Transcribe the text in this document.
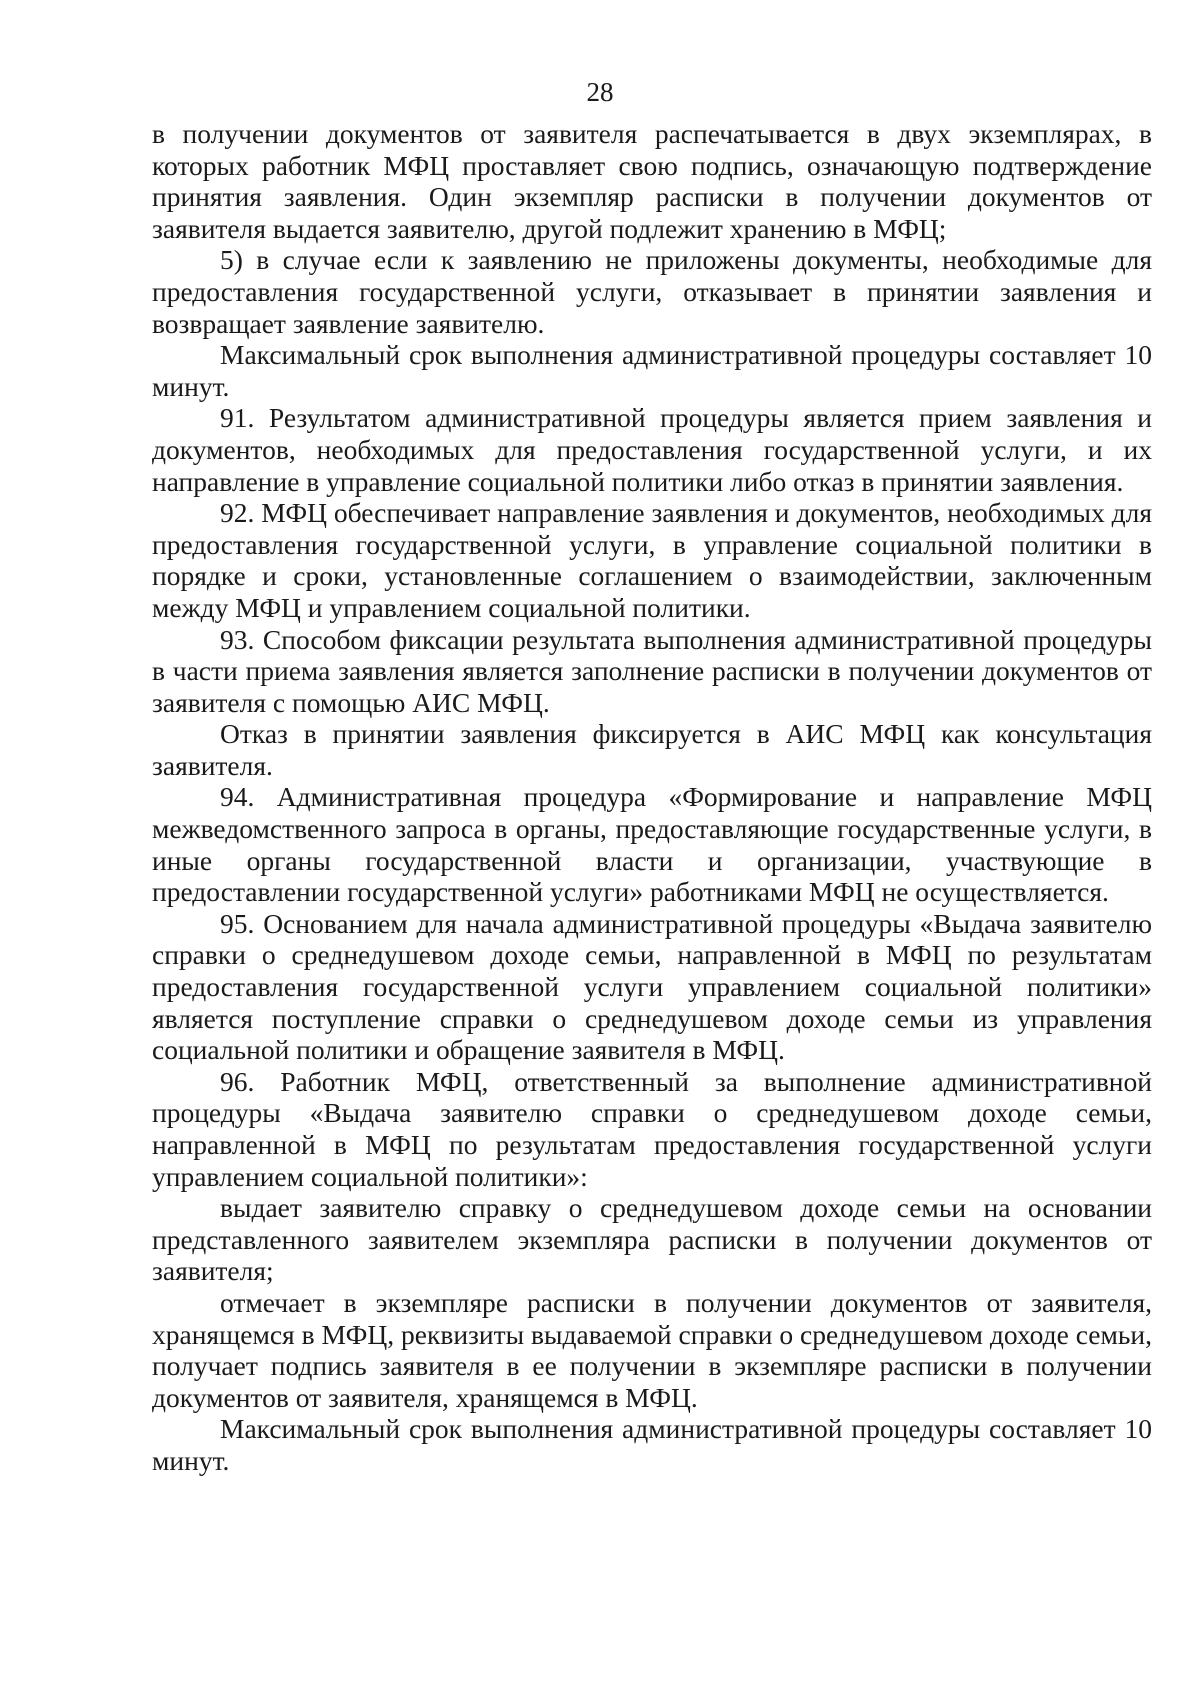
28

в получении документов от заявителя распечатывается в двух экземплярах, в которых работник МФЦ проставляет свою подпись, означающую подтверждение принятия заявления. Один экземпляр расписки в получении документов от заявителя выдается заявителю, другой подлежит хранению в МФЦ;

5) в случае если к заявлению не приложены документы, необходимые для предоставления государственной услуги, отказывает в принятии заявления и возвращает заявление заявителю.

Максимальный срок выполнения административной процедуры составляет 10 минут.

91. Результатом административной процедуры является прием заявления и документов, необходимых для предоставления государственной услуги, и их направление в управление социальной политики либо отказ в принятии заявления.

92. МФЦ обеспечивает направление заявления и документов, необходимых для предоставления государственной услуги, в управление социальной политики в порядке и сроки, установленные соглашением о взаимодействии, заключенным между МФЦ и управлением социальной политики.

93. Способом фиксации результата выполнения административной процедуры в части приема заявления является заполнение расписки в получении документов от заявителя с помощью АИС МФЦ.

Отказ в принятии заявления фиксируется в АИС МФЦ как консультация заявителя.

94. Административная процедура «Формирование и направление МФЦ межведомственного запроса в органы, предоставляющие государственные услуги, в иные органы государственной власти и организации, участвующие в предоставлении государственной услуги» работниками МФЦ не осуществляется.

95. Основанием для начала административной процедуры «Выдача заявителю справки о среднедушевом доходе семьи, направленной в МФЦ по результатам предоставления государственной услуги управлением социальной политики» является поступление справки о среднедушевом доходе семьи из управления социальной политики и обращение заявителя в МФЦ.

96. Работник МФЦ, ответственный за выполнение административной процедуры «Выдача заявителю справки о среднедушевом доходе семьи, направленной в МФЦ по результатам предоставления государственной услуги управлением социальной политики»:

выдает заявителю справку о среднедушевом доходе семьи на основании представленного заявителем экземпляра расписки в получении документов от заявителя;

отмечает в экземпляре расписки в получении документов от заявителя, хранящемся в МФЦ, реквизиты выдаваемой справки о среднедушевом доходе семьи, получает подпись заявителя в ее получении в экземпляре расписки в получении документов от заявителя, хранящемся в МФЦ.

Максимальный срок выполнения административной процедуры составляет 10 минут.
